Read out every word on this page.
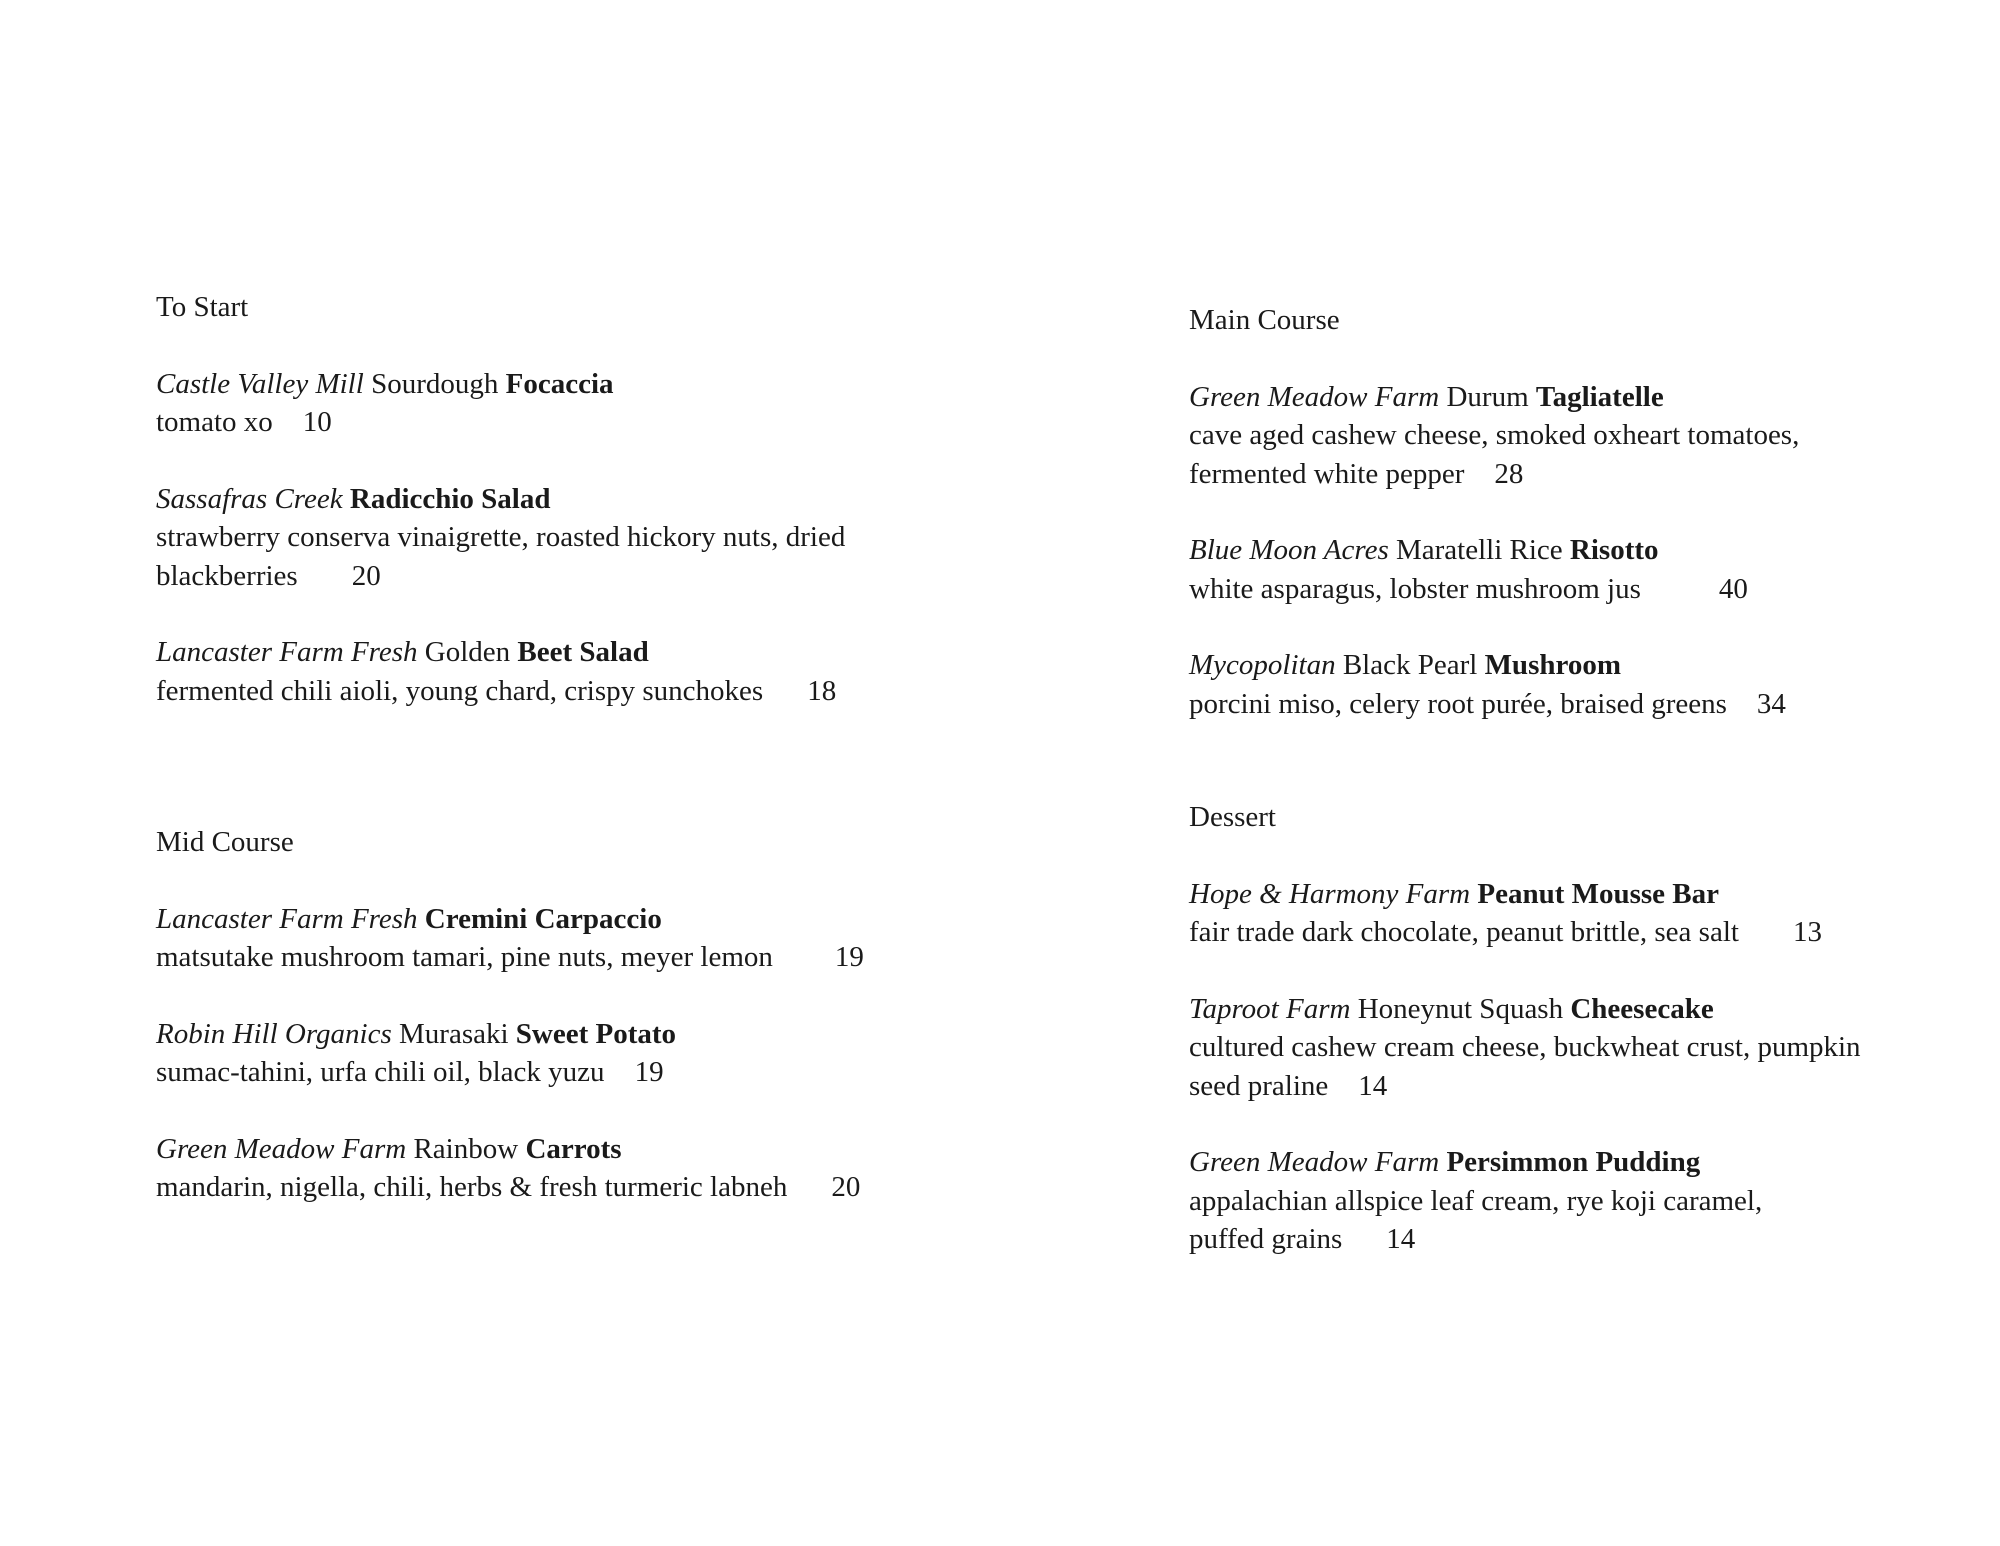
To Start
Castle Valley Mill Sourdough Focaccia
tomato xo 10
Sassafras Creek Radicchio Salad
strawberry conserva vinaigrette, roasted hickory nuts, dried blackberries 20
Lancaster Farm Fresh Golden Beet Salad
fermented chili aioli, young chard, crispy sunchokes 18
Mid Course
Lancaster Farm Fresh Cremini Carpaccio
matsutake mushroom tamari, pine nuts, meyer lemon 19
Robin Hill Organics Murasaki Sweet Potato
sumac-tahini, urfa chili oil, black yuzu 19
Green Meadow Farm Rainbow Carrots
mandarin, nigella, chili, herbs & fresh turmeric labneh 20
Main Course
Green Meadow Farm Durum Tagliatelle
cave aged cashew cheese, smoked oxheart tomatoes, fermented white pepper 28
Blue Moon Acres Maratelli Rice Risotto
white asparagus, lobster mushroom jus	40
Mycopolitan Black Pearl Mushroom
porcini miso, celery root purée, braised greens 34
Dessert
Hope & Harmony Farm Peanut Mousse Bar
fair trade dark chocolate, peanut brittle, sea salt 13
Taproot Farm Honeynut Squash Cheesecake
cultured cashew cream cheese, buckwheat crust, pumpkin seed praline 14
Green Meadow Farm Persimmon Pudding
appalachian allspice leaf cream, rye koji caramel, puffed grains 14
